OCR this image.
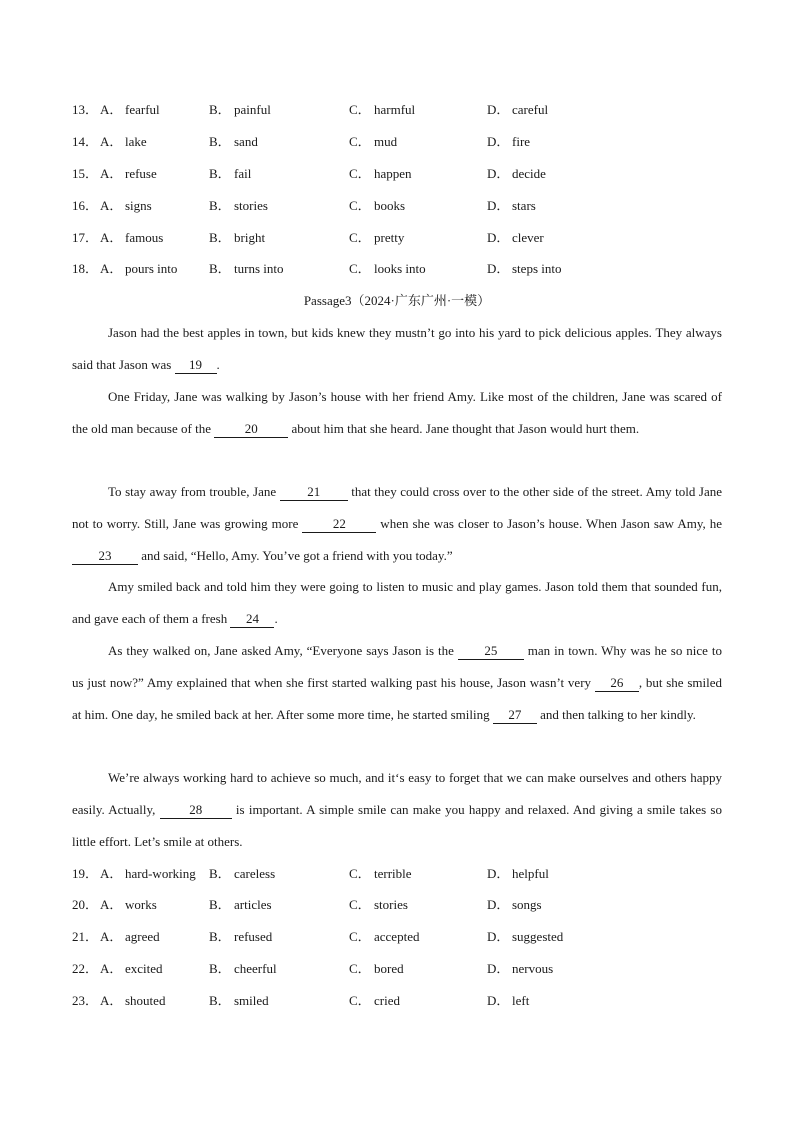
13． A． fearful	B． painful	C． harmful	D． careful
14． A． lake	B． sand	C． mud	D． fire
15． A． refuse	B． fail	C． happen	D． decide
16． A． signs	B． stories	C． books	D． stars
17． A． famous	B． bright	C． pretty	D． clever
18． A． pours into B． turns into	C． looks into	D． steps into
Passage3（2024·广东广州·一模）

Jason had the best apples in town, but kids knew they mustn’t go into his yard to pick delicious apples. They always said that Jason was 19 .

One Friday, Jane was walking by Jason’s house with her friend Amy. Like most of the children, Jane was scared of the old man because of the 20 about him that she heard. Jane thought that Jason would hurt them.

To stay away from trouble, Jane 21 that they could cross over to the other side of the street. Amy told Jane not to worry. Still, Jane was growing more 22 when she was closer to Jason’s house. When Jason saw Amy, he 23 and said, “Hello, Amy. You’ve got a friend with you today.”

Amy smiled back and told him they were going to listen to music and play games. Jason told them that sounded fun, and gave each of them a fresh 24 .

As they walked on, Jane asked Amy, “Everyone says Jason is the 25 man in town. Why was he so nice to us just now?” Amy explained that when she first started walking past his house, Jason wasn’t very 26 , but she smiled at him. One day, he smiled back at her. After some more time, he started smiling 27 and then talking to her kindly.

We’re always working hard to achieve so much, and it‘s easy to forget that we can make ourselves and others happy easily. Actually, 28 is important. A simple smile can make you happy and relaxed. And giving a smile takes so little effort. Let’s smile at others.

19． A． hard-working B． careless	C． terrible	D． helpful
20． A． works	B． articles	C． stories	D． songs
21． A． agreed	B． refused	C． accepted	D． suggested
22． A． excited	B． cheerful	C． bored	D． nervous
23． A． shouted	B． smiled	C． cried	D． left
